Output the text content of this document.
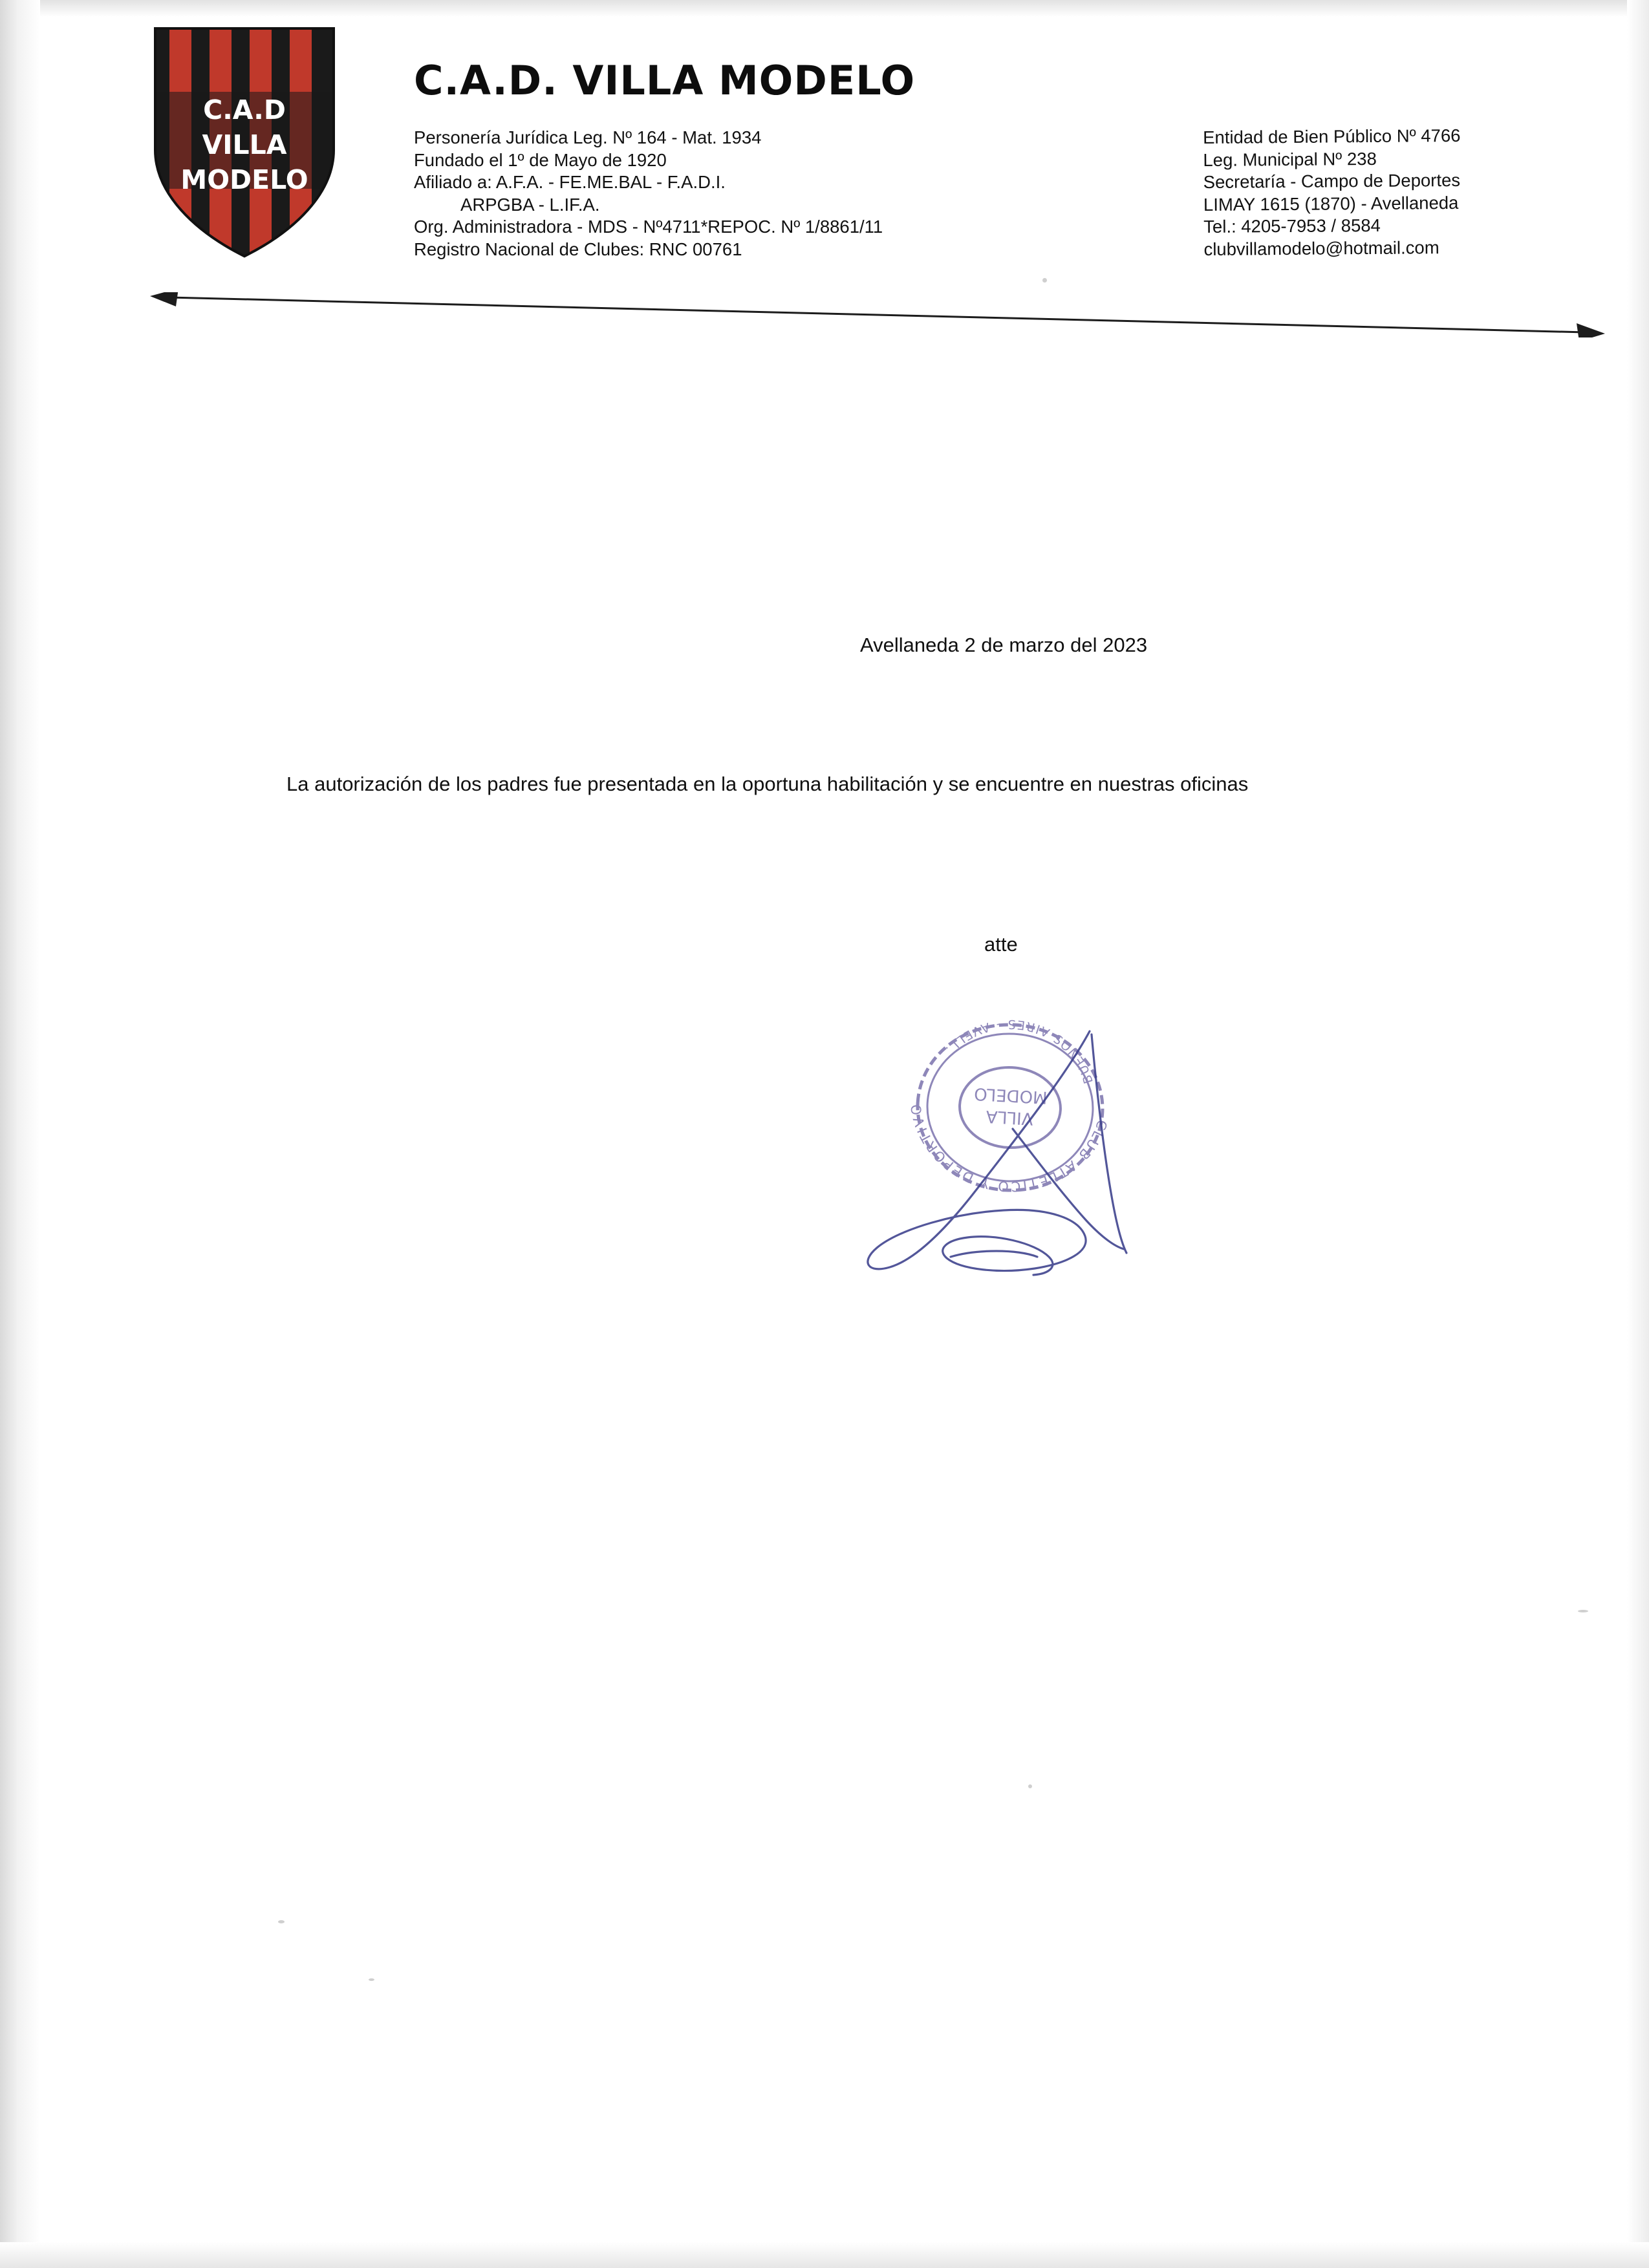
C.A.D
VILLA
MODELO
C.A.D. VILLA MODELO
Personería Jurídica Leg. Nº 164 - Mat. 1934
Fundado el 1º de Mayo de 1920
Afiliado a: A.F.A. - FE.ME.BAL - F.A.D.I.
ARPGBA - L.IF.A.
Org. Administradora - MDS - Nº4711*REPOC. Nº 1/8861/11
Registro Nacional de Clubes: RNC 00761
Entidad de Bien Público Nº 4766
Leg. Municipal Nº 238
Secretaría - Campo de Deportes
LIMAY 1615 (1870) - Avellaneda
Tel.: 4205-7953 / 8584
clubvillamodelo@hotmail.com
Avellaneda 2 de marzo del 2023
La autorización de los padres fue presentada en la oportuna habilitación y se encuentre en nuestras oficinas
atte
CLUB ATLETICO Y DEPORTIVO
BUENOS AIRES - AVELL.
VILLA
MODELO
